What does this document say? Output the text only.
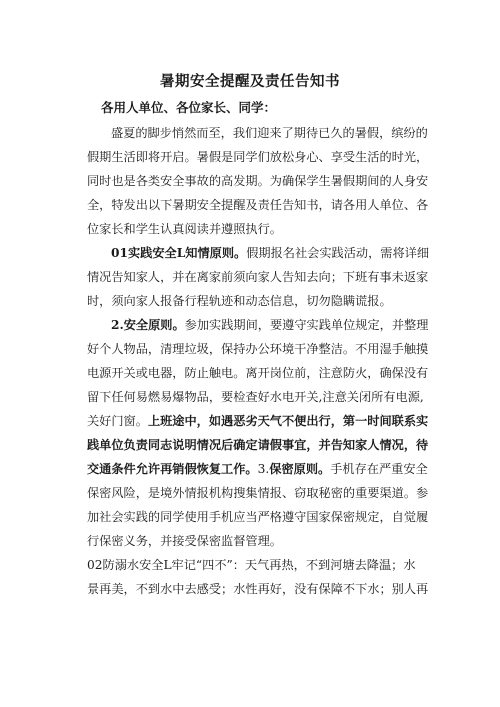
暑期安全提醒及责任告知书
各用人单位、各位家长、同学：
盛夏的脚步悄然而至，我们迎来了期待已久的暑假，缤纷的
假期生活即将开启。暑假是同学们放松身心、享受生活的时光，
同时也是各类安全事故的高发期。为确保学生暑假期间的人身安
全，特发出以下暑期安全提醒及责任告知书，请各用人单位、各
位家长和学生认真阅读并遵照执行。
01实践安全L知情原则。假期报名社会实践活动，需将详细
情况告知家人，并在离家前须向家人告知去向；下班有事未返家
时，须向家人报备行程轨迹和动态信息，切勿隐瞒谎报。
2.安全原则。参加实践期间，要遵守实践单位规定，并整理
好个人物品，清理垃圾，保持办公环境干净整洁。不用湿手触摸
电源开关或电器，防止触电。离开岗位前，注意防火，确保没有
留下任何易燃易爆物品，要检查好水电开关,注意关闭所有电源,
关好门窗。上班途中，如遇恶劣天气不便出行，第一时间联系实
践单位负责同志说明情况后确定请假事宜，并告知家人情况，待
交通条件允许再销假恢复工作。3.保密原则。手机存在严重安全
保密风险，是境外情报机构搜集情报、窃取秘密的重要渠道。参
加社会实践的同学使用手机应当严格遵守国家保密规定，自觉履
行保密义务，并接受保密监督管理。
02防溺水安全L牢记“四不”：天气再热，不到河塘去降温；水
景再美，不到水中去感受；水性再好，没有保障不下水；别人再
